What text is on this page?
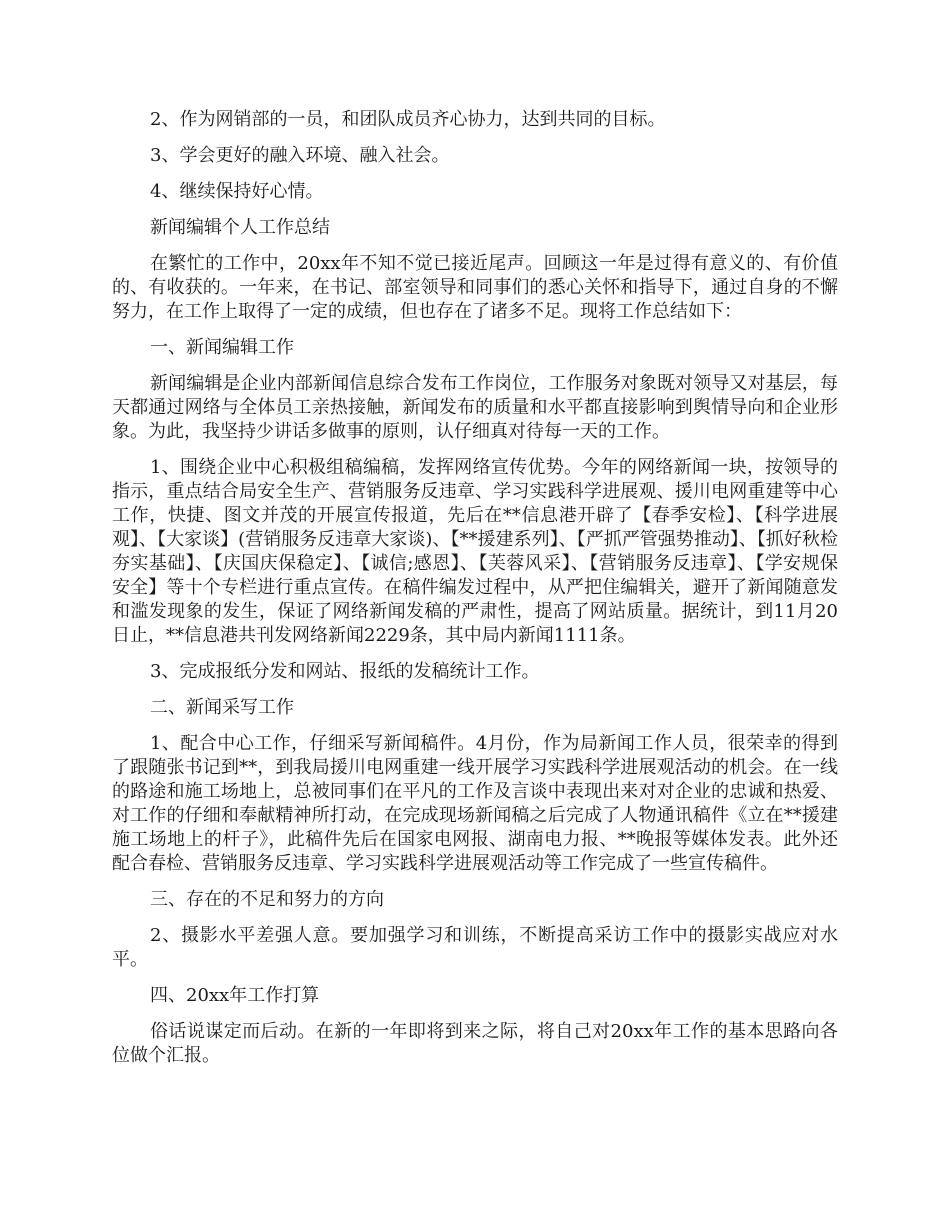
2、作为网销部的一员，和团队成员齐心协力，达到共同的目标。

3、学会更好的融入环境、融入社会。

4、继续保持好心情。

新闻编辑个人工作总结

在繁忙的工作中，20xx年不知不觉已接近尾声。回顾这一年是过得有意义的、有价值的、有收获的。一年来，在书记、部室领导和同事们的悉心关怀和指导下，通过自身的不懈努力，在工作上取得了一定的成绩，但也存在了诸多不足。现将工作总结如下：

一、新闻编辑工作

新闻编辑是企业内部新闻信息综合发布工作岗位，工作服务对象既对领导又对基层，每天都通过网络与全体员工亲热接触，新闻发布的质量和水平都直接影响到舆情导向和企业形象。为此，我坚持少讲话多做事的原则，认仔细真对待每一天的工作。

1、围绕企业中心积极组稿编稿，发挥网络宣传优势。今年的网络新闻一块，按领导的指示，重点结合局安全生产、营销服务反违章、学习实践科学进展观、援川电网重建等中心工作，快捷、图文并茂的开展宣传报道，先后在**信息港开辟了【春季安检】、【科学进展观】、【大家谈】(营销服务反违章大家谈)、【**援建系列】、【严抓严管强势推动】、【抓好秋检夯实基础】、【庆国庆保稳定】、【诚信;感恩】、【芙蓉风采】、【营销服务反违章】、【学安规保安全】等十个专栏进行重点宣传。在稿件编发过程中，从严把住编辑关，避开了新闻随意发和滥发现象的发生，保证了网络新闻发稿的严肃性，提高了网站质量。据统计，到11月20日止，**信息港共刊发网络新闻2229条，其中局内新闻1111条。

3、完成报纸分发和网站、报纸的发稿统计工作。

二、新闻采写工作

1、配合中心工作，仔细采写新闻稿件。4月份，作为局新闻工作人员，很荣幸的得到了跟随张书记到**，到我局援川电网重建一线开展学习实践科学进展观活动的机会。在一线的路途和施工场地上，总被同事们在平凡的工作及言谈中表现出来对对企业的忠诚和热爱、对工作的仔细和奉献精神所打动，在完成现场新闻稿之后完成了人物通讯稿件《立在**援建施工场地上的杆子》，此稿件先后在国家电网报、湖南电力报、**晚报等媒体发表。此外还配合春检、营销服务反违章、学习实践科学进展观活动等工作完成了一些宣传稿件。

三、存在的不足和努力的方向

2、摄影水平差强人意。要加强学习和训练，不断提高采访工作中的摄影实战应对水平。

四、20xx年工作打算

俗话说谋定而后动。在新的一年即将到来之际，将自己对20xx年工作的基本思路向各位做个汇报。
